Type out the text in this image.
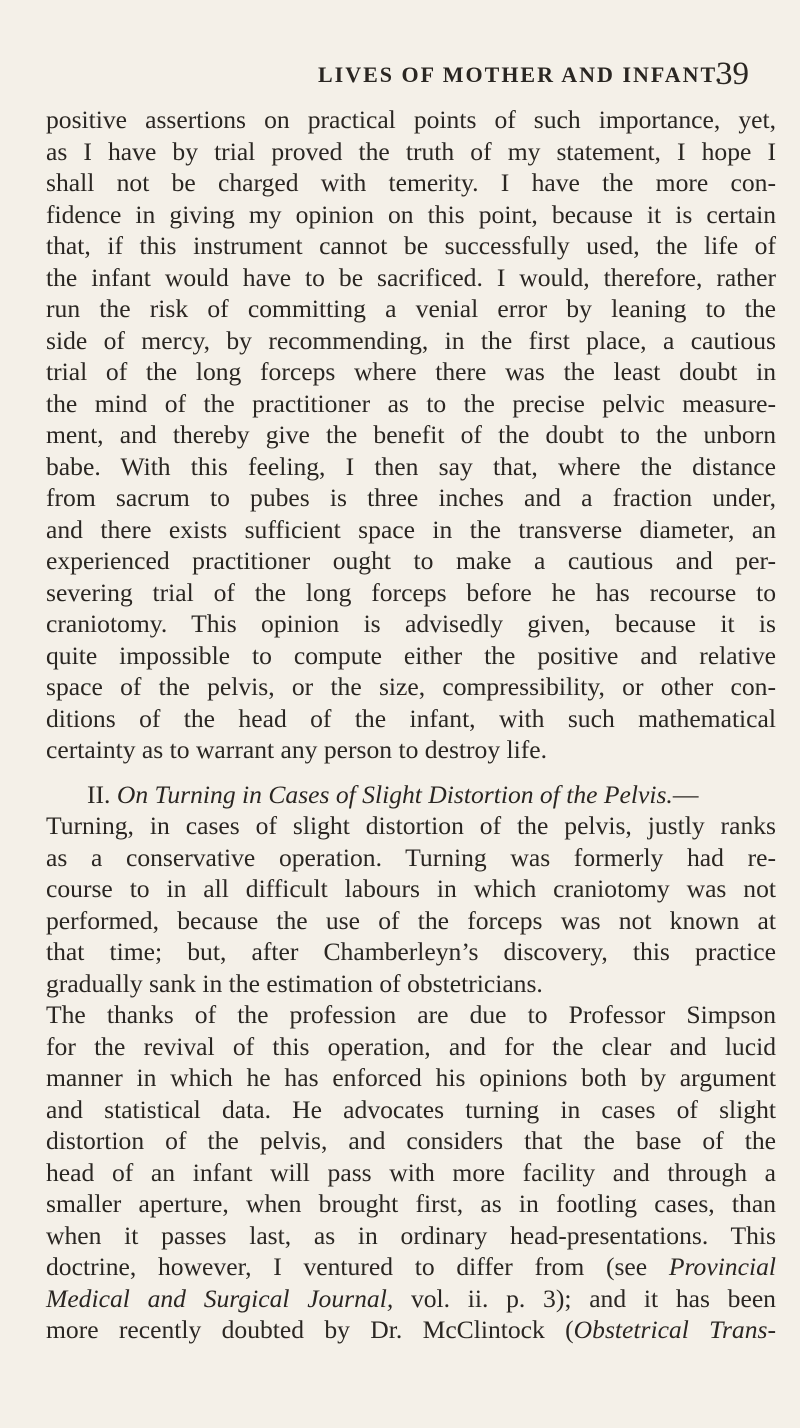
LIVES OF MOTHER AND INFANT.
39
positive assertions on practical points of such importance, yet,
as I have by trial proved the truth of my statement, I hope I
shall not be charged with temerity. I have the more con-
fidence in giving my opinion on this point, because it is certain
that, if this instrument cannot be successfully used, the life of
the infant would have to be sacrificed. I would, therefore, rather
run the risk of committing a venial error by leaning to the
side of mercy, by recommending, in the first place, a cautious
trial of the long forceps where there was the least doubt in
the mind of the practitioner as to the precise pelvic measure-
ment, and thereby give the benefit of the doubt to the unborn
babe. With this feeling, I then say that, where the distance
from sacrum to pubes is three inches and a fraction under,
and there exists sufficient space in the transverse diameter, an
experienced practitioner ought to make a cautious and per-
severing trial of the long forceps before he has recourse to
craniotomy. This opinion is advisedly given, because it is
quite impossible to compute either the positive and relative
space of the pelvis, or the size, compressibility, or other con-
ditions of the head of the infant, with such mathematical
certainty as to warrant any person to destroy life.
II. On Turning in Cases of Slight Distortion of the Pelvis.—
Turning, in cases of slight distortion of the pelvis, justly ranks
as a conservative operation. Turning was formerly had re-
course to in all difficult labours in which craniotomy was not
performed, because the use of the forceps was not known at
that time; but, after Chamberleyn’s discovery, this practice
gradually sank in the estimation of obstetricians.
The thanks of the profession are due to Professor Simpson
for the revival of this operation, and for the clear and lucid
manner in which he has enforced his opinions both by argument
and statistical data. He advocates turning in cases of slight
distortion of the pelvis, and considers that the base of the
head of an infant will pass with more facility and through a
smaller aperture, when brought first, as in footling cases, than
when it passes last, as in ordinary head-presentations. This
doctrine, however, I ventured to differ from (see Provincial
Medical and Surgical Journal, vol. ii. p. 3); and it has been
more recently doubted by Dr. McClintock (Obstetrical Trans-
